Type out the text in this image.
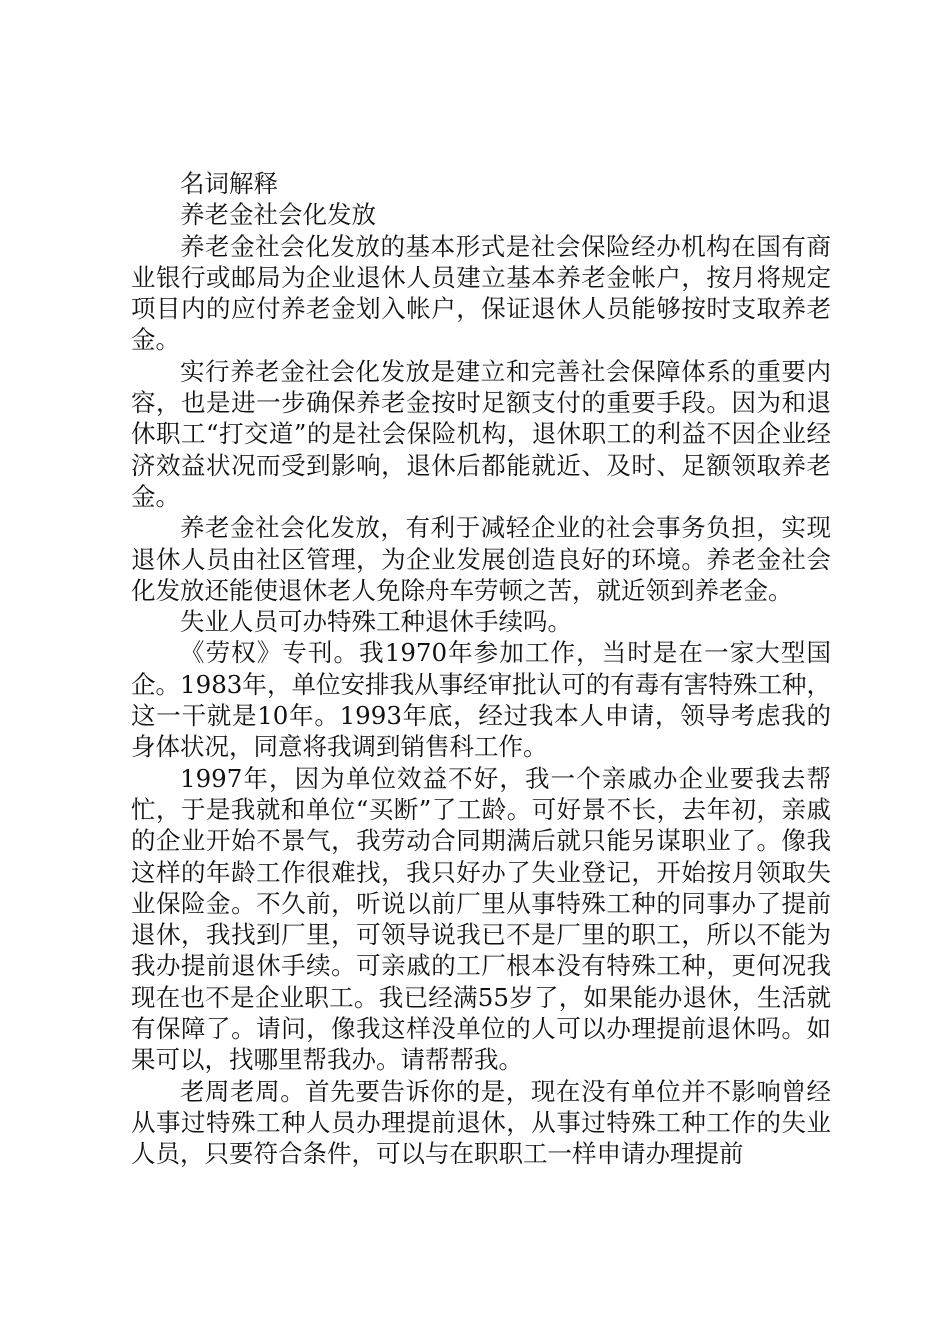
名词解释

养老金社会化发放

养老金社会化发放的基本形式是社会保险经办机构在国有商业银行或邮局为企业退休人员建立基本养老金帐户，按月将规定项目内的应付养老金划入帐户，保证退休人员能够按时支取养老金。

实行养老金社会化发放是建立和完善社会保障体系的重要内容，也是进一步确保养老金按时足额支付的重要手段。因为和退休职工“打交道”的是社会保险机构，退休职工的利益不因企业经济效益状况而受到影响，退休后都能就近、及时、足额领取养老金。

养老金社会化发放，有利于减轻企业的社会事务负担，实现退休人员由社区管理，为企业发展创造良好的环境。养老金社会化发放还能使退休老人免除舟车劳顿之苦，就近领到养老金。

失业人员可办特殊工种退休手续吗。

《劳权》专刊。我1970年参加工作，当时是在一家大型国企。1983年，单位安排我从事经审批认可的有毒有害特殊工种，这一干就是10年。1993年底，经过我本人申请，领导考虑我的身体状况，同意将我调到销售科工作。

1997年，因为单位效益不好，我一个亲戚办企业要我去帮忙，于是我就和单位“买断”了工龄。可好景不长，去年初，亲戚的企业开始不景气，我劳动合同期满后就只能另谋职业了。像我这样的年龄工作很难找，我只好办了失业登记，开始按月领取失业保险金。不久前，听说以前厂里从事特殊工种的同事办了提前退休，我找到厂里，可领导说我已不是厂里的职工，所以不能为我办提前退休手续。可亲戚的工厂根本没有特殊工种，更何况我现在也不是企业职工。我已经满55岁了，如果能办退休，生活就有保障了。请问，像我这样没单位的人可以办理提前退休吗。如果可以，找哪里帮我办。请帮帮我。

老周老周。首先要告诉你的是，现在没有单位并不影响曾经从事过特殊工种人员办理提前退休，从事过特殊工种工作的失业人员，只要符合条件，可以与在职职工一样申请办理提前
